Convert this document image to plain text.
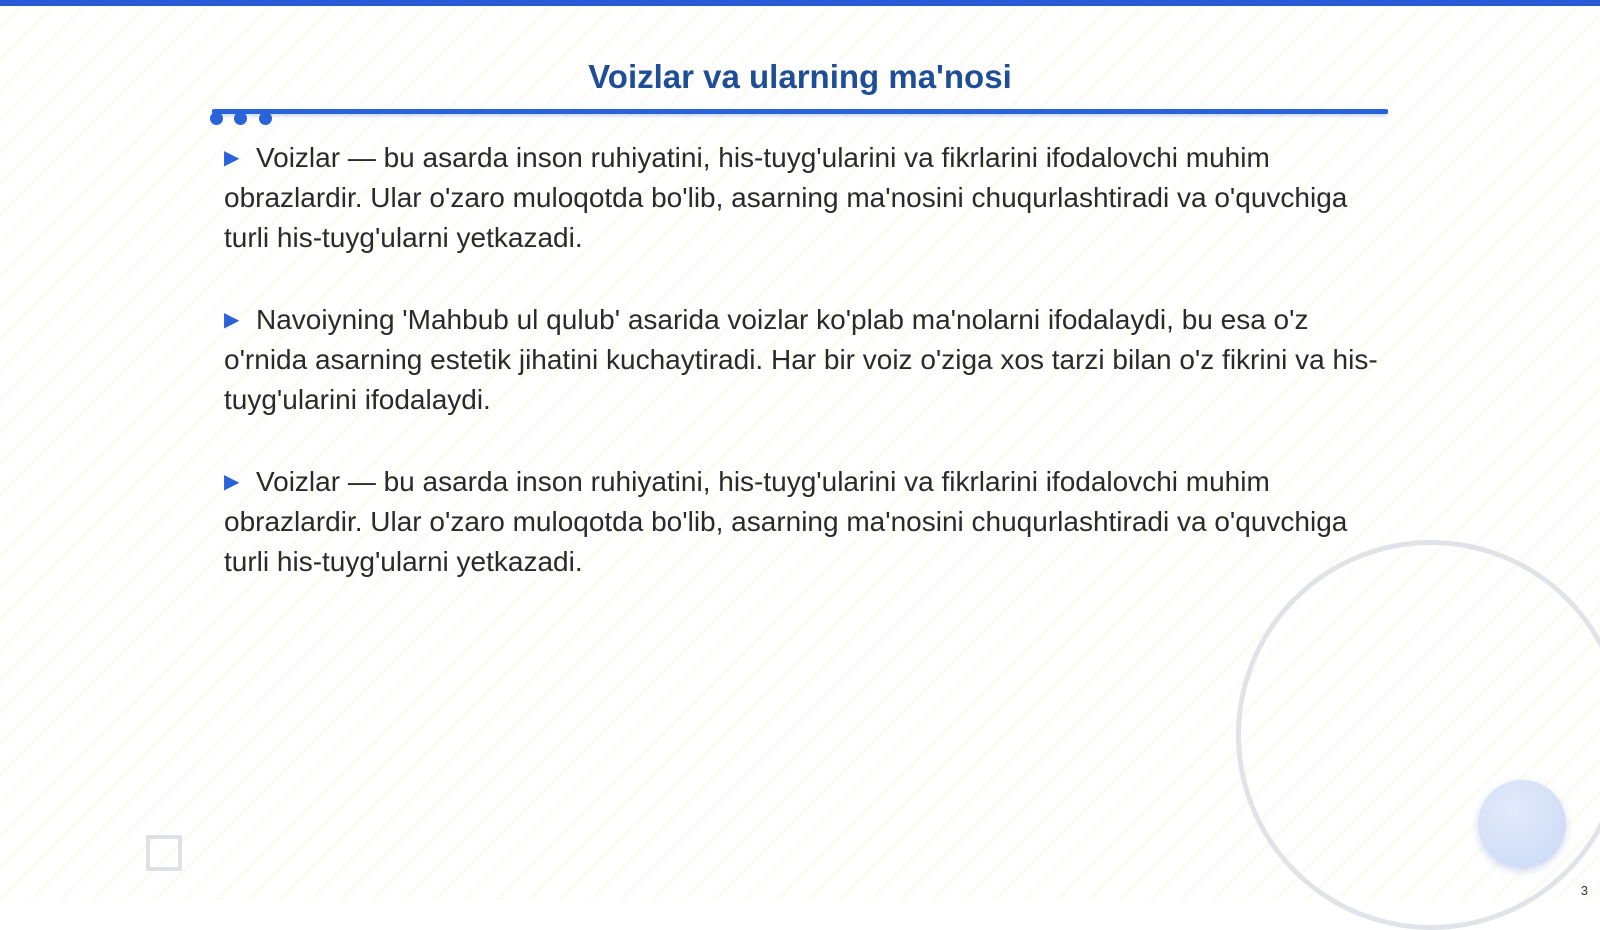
Voizlar va ularning ma'nosi

▶ Voizlar — bu asarda inson ruhiyatini, his-tuyg'ularini va fikrlarini ifodalovchi muhim obrazlardir. Ular o'zaro muloqotda bo'lib, asarning ma'nosini chuqurlashtiradi va o'quvchiga turli his-tuyg'ularni yetkazadi.

▶ Navoiyning 'Mahbub ul qulub' asarida voizlar ko'plab ma'nolarni ifodalaydi, bu esa o'z o'rnida asarning estetik jihatini kuchaytiradi. Har bir voiz o'ziga xos tarzi bilan o'z fikrini va his-tuyg'ularini ifodalaydi.

▶ Voizlar — bu asarda inson ruhiyatini, his-tuyg'ularini va fikrlarini ifodalovchi muhim obrazlardir. Ular o'zaro muloqotda bo'lib, asarning ma'nosini chuqurlashtiradi va o'quvchiga turli his-tuyg'ularni yetkazadi.

3
